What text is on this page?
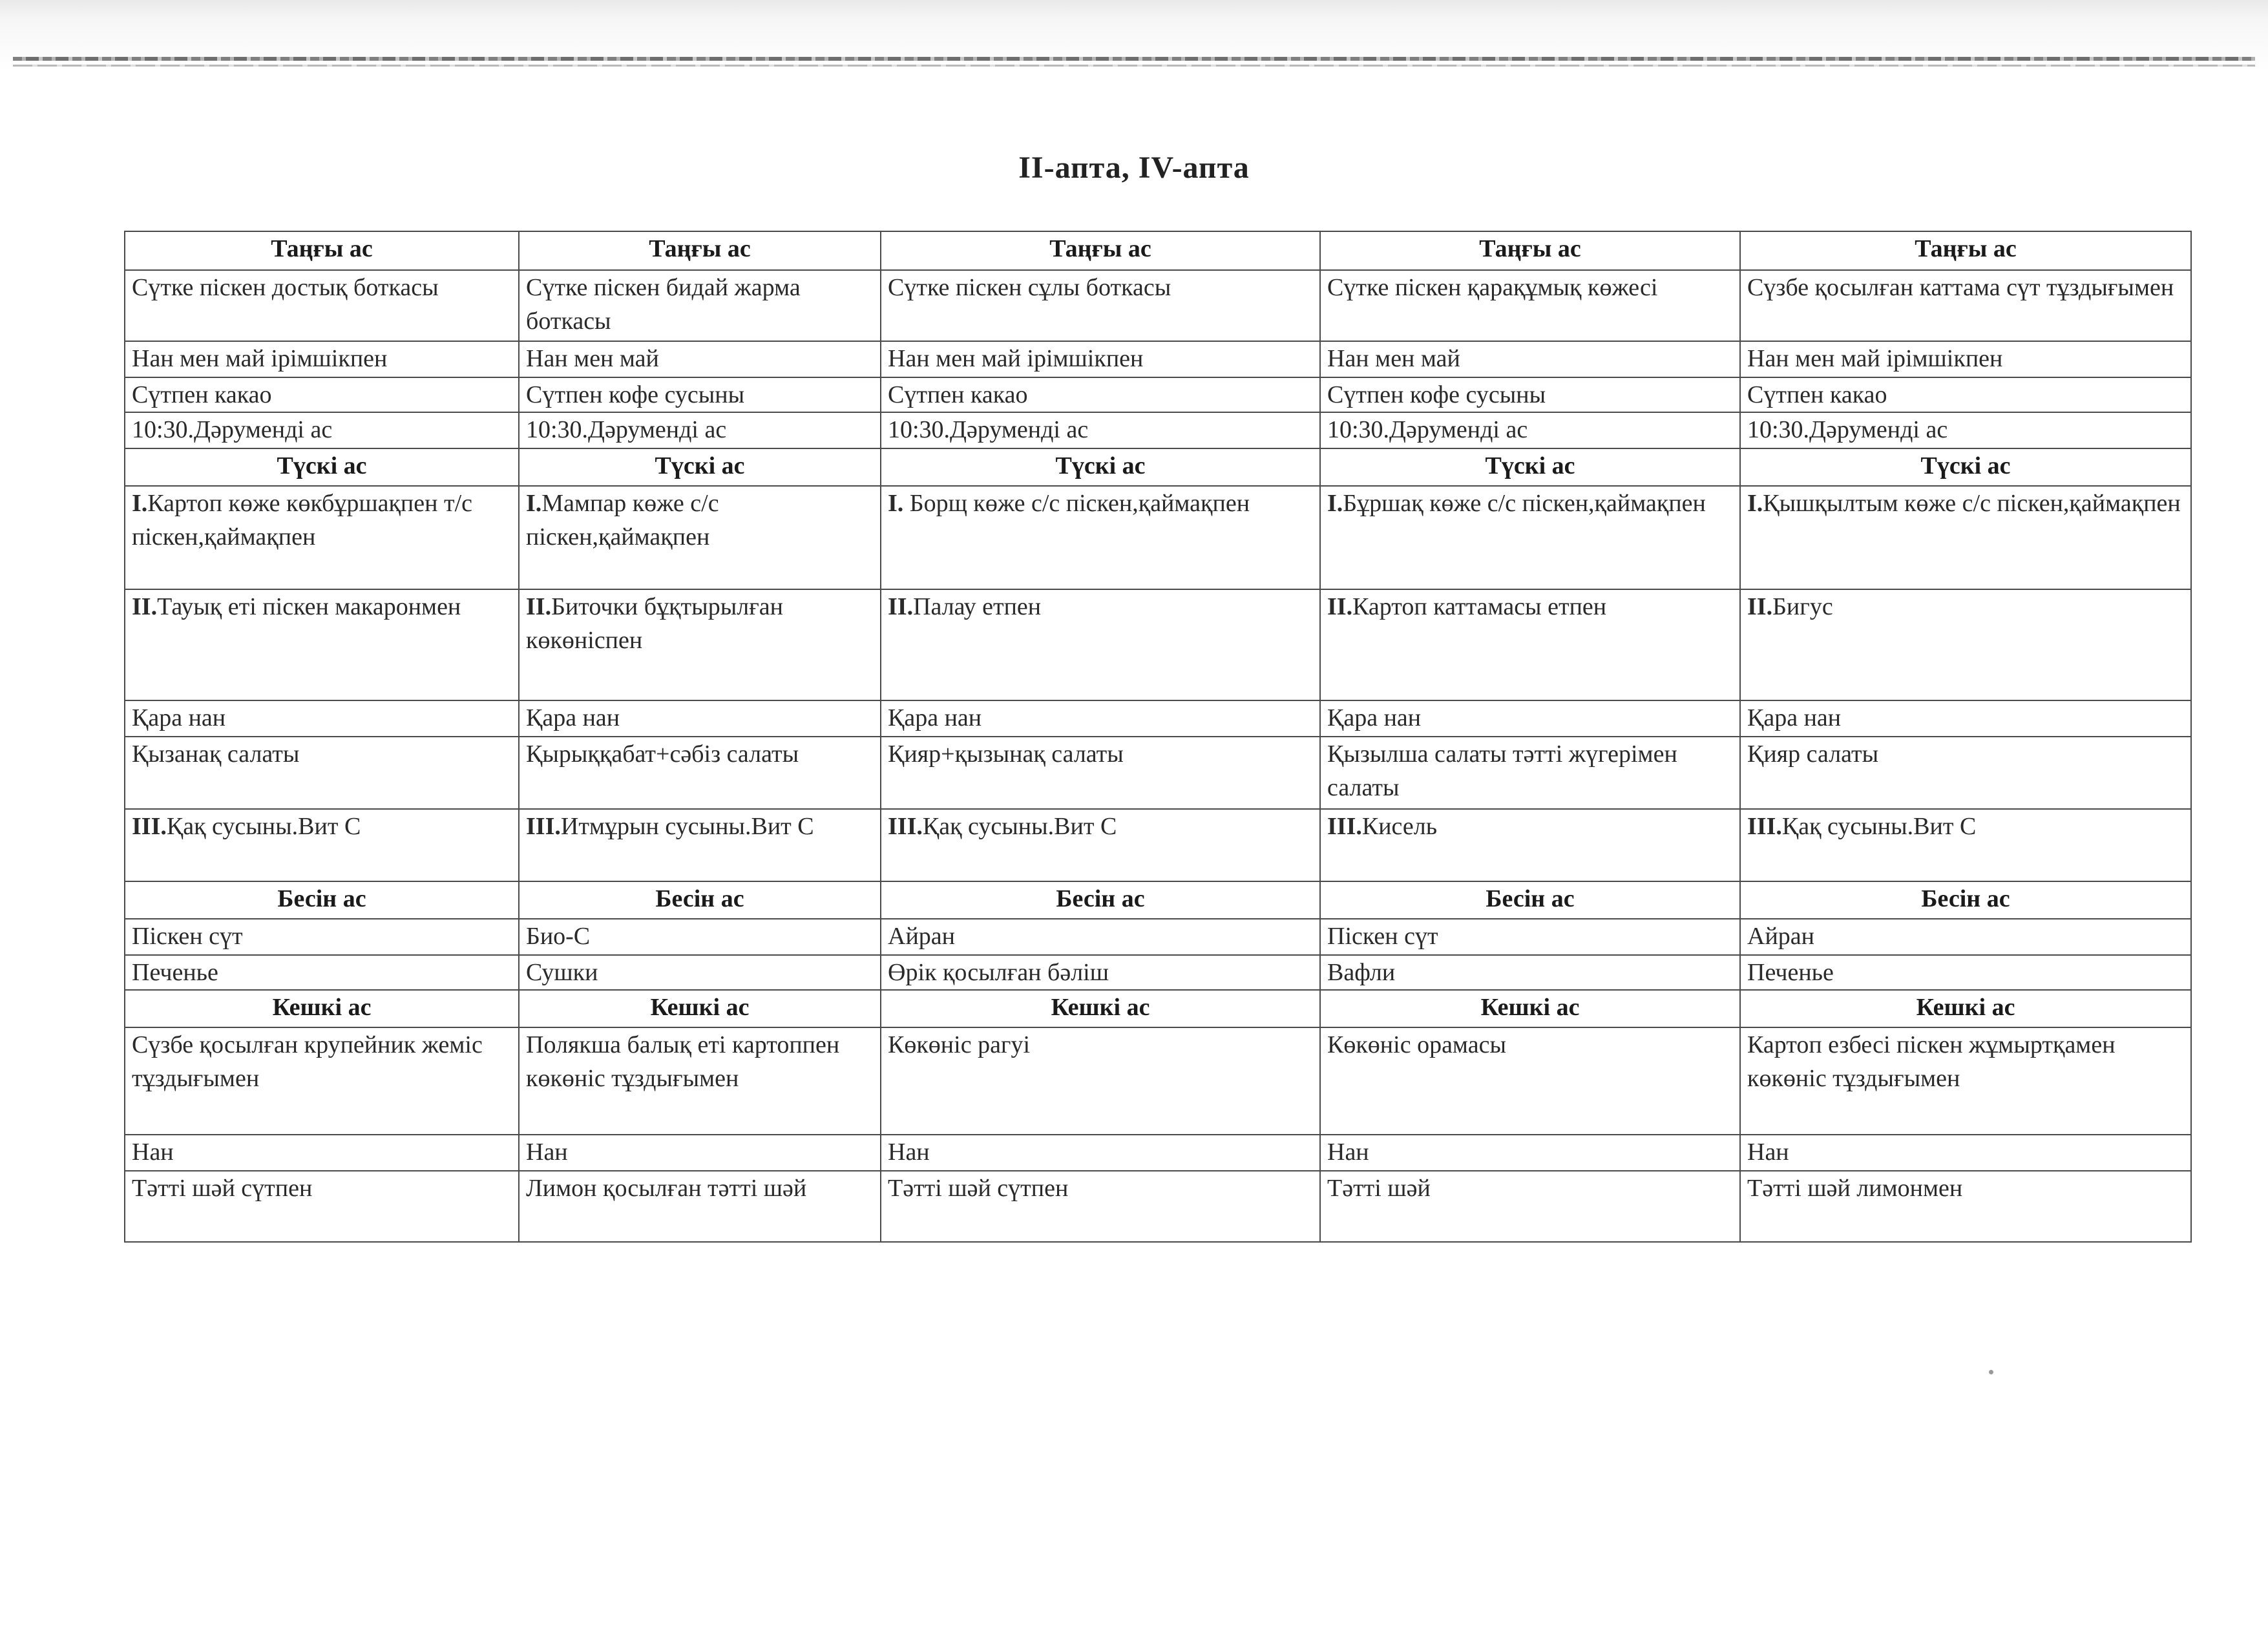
II-апта, IV-апта
Таңғы ас	Таңғы ас	Таңғы ас	Таңғы ас	Таңғы ас
Сүтке піскен достық боткасы	Сүтке піскен бидай жарма боткасы	Сүтке піскен сұлы боткасы	Сүтке піскен қарақұмық көжесі	Сүзбе қосылған каттама сүт тұздығымен
Нан мен май ірімшікпен	Нан мен май	Нан мен май ірімшікпен	Нан мен май	Нан мен май ірімшікпен
Сүтпен какао	Сүтпен кофе сусыны	Сүтпен какао	Сүтпен кофе сусыны	Сүтпен какао
10:30.Дәруменді ас	10:30.Дәруменді ас	10:30.Дәруменді ас	10:30.Дәруменді ас	10:30.Дәруменді ас
Түскі ас	Түскі ас	Түскі ас	Түскі ас	Түскі ас
I.Картоп көже көкбұршақпен т/с піскен,қаймақпен	I.Мампар көже с/с піскен,қаймақпен	I. Борщ көже с/с піскен,қаймақпен	I.Бұршақ көже с/с піскен,қаймақпен	I.Қышқылтым көже с/с піскен,қаймақпен
II.Тауық еті піскен макаронмен	II.Биточки бұқтырылған көкөніспен	II.Палау етпен	II.Картоп каттамасы етпен	II.Бигус
Қара нан	Қара нан	Қара нан	Қара нан	Қара нан
Қызанақ салаты	Қырыққабат+сәбіз салаты	Қияр+қызынақ салаты	Қызылша салаты тәтті жүгерімен салаты	Қияр салаты
III.Қақ сусыны.Вит С	III.Итмұрын сусыны.Вит С	III.Қақ сусыны.Вит С	III.Кисель	III.Қақ сусыны.Вит С
Бесін ас	Бесін ас	Бесін ас	Бесін ас	Бесін ас
Піскен сүт	Био-С	Айран	Піскен сүт	Айран
Печенье	Сушки	Өрік қосылған бәліш	Вафли	Печенье
Кешкі ас	Кешкі ас	Кешкі ас	Кешкі ас	Кешкі ас
Сүзбе қосылған крупейник жеміс тұздығымен	Полякша балық еті картоппен көкөніс тұздығымен	Көкөніс рагуі	Көкөніс орамасы	Картоп езбесі піскен жұмыртқамен көкөніс тұздығымен
Нан	Нан	Нан	Нан	Нан
Тәтті шәй сүтпен	Лимон қосылған тәтті шәй	Тәтті шәй сүтпен	Тәтті шәй	Тәтті шәй лимонмен
